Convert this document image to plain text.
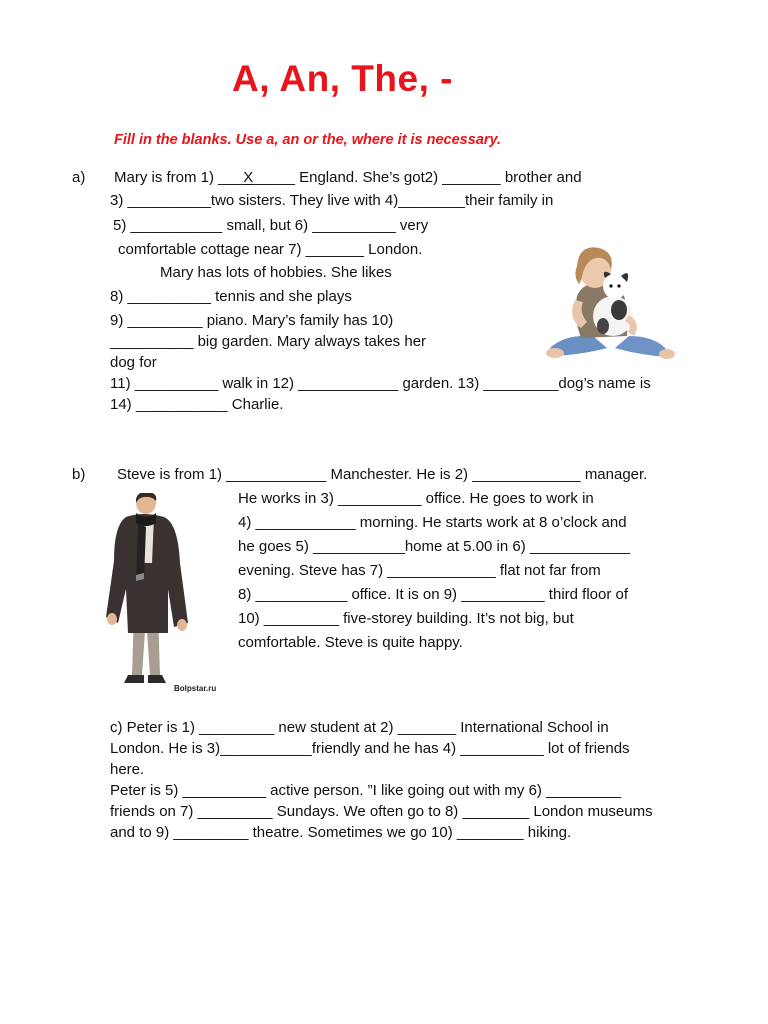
A, An, The, -
Fill in the blanks. Use a, an or the, where it is necessary.
a) Mary is from 1) ___X_____ England. She’s got2) _______ brother and
3) __________two sisters. They live with 4)________their family in
5) ___________ small, but 6) __________ very
comfortable cottage near 7) _______ London.
Mary has lots of hobbies. She likes
8) __________ tennis and she plays
9) _________ piano. Mary’s family has 10)
__________ big garden. Mary always takes her
dog for
11) __________ walk in 12) ____________ garden. 13) _________dog’s name is
14) ___________ Charlie.
b) Steve is from 1) ____________ Manchester. He is 2) _____________ manager.
He works in 3) __________ office. He goes to work in
4) ____________ morning. He starts work at 8 o’clock and
he goes 5) ___________home at 5.00 in 6) ____________
evening. Steve has 7) _____________ flat not far from
8) ___________ office. It is on 9) __________ third floor of
10) _________ five-storey building. It’s not big, but
comfortable. Steve is quite happy.
Bolpstar.ru
c) Peter is 1) _________ new student at 2) _______ International School in
London. He is 3)___________friendly and he has 4) __________ lot of friends
here.
Peter is 5) __________ active person. ”I like going out with my 6) _________
friends on 7) _________ Sundays. We often go to 8) ________ London museums
and to 9) _________ theatre. Sometimes we go 10) ________ hiking.
